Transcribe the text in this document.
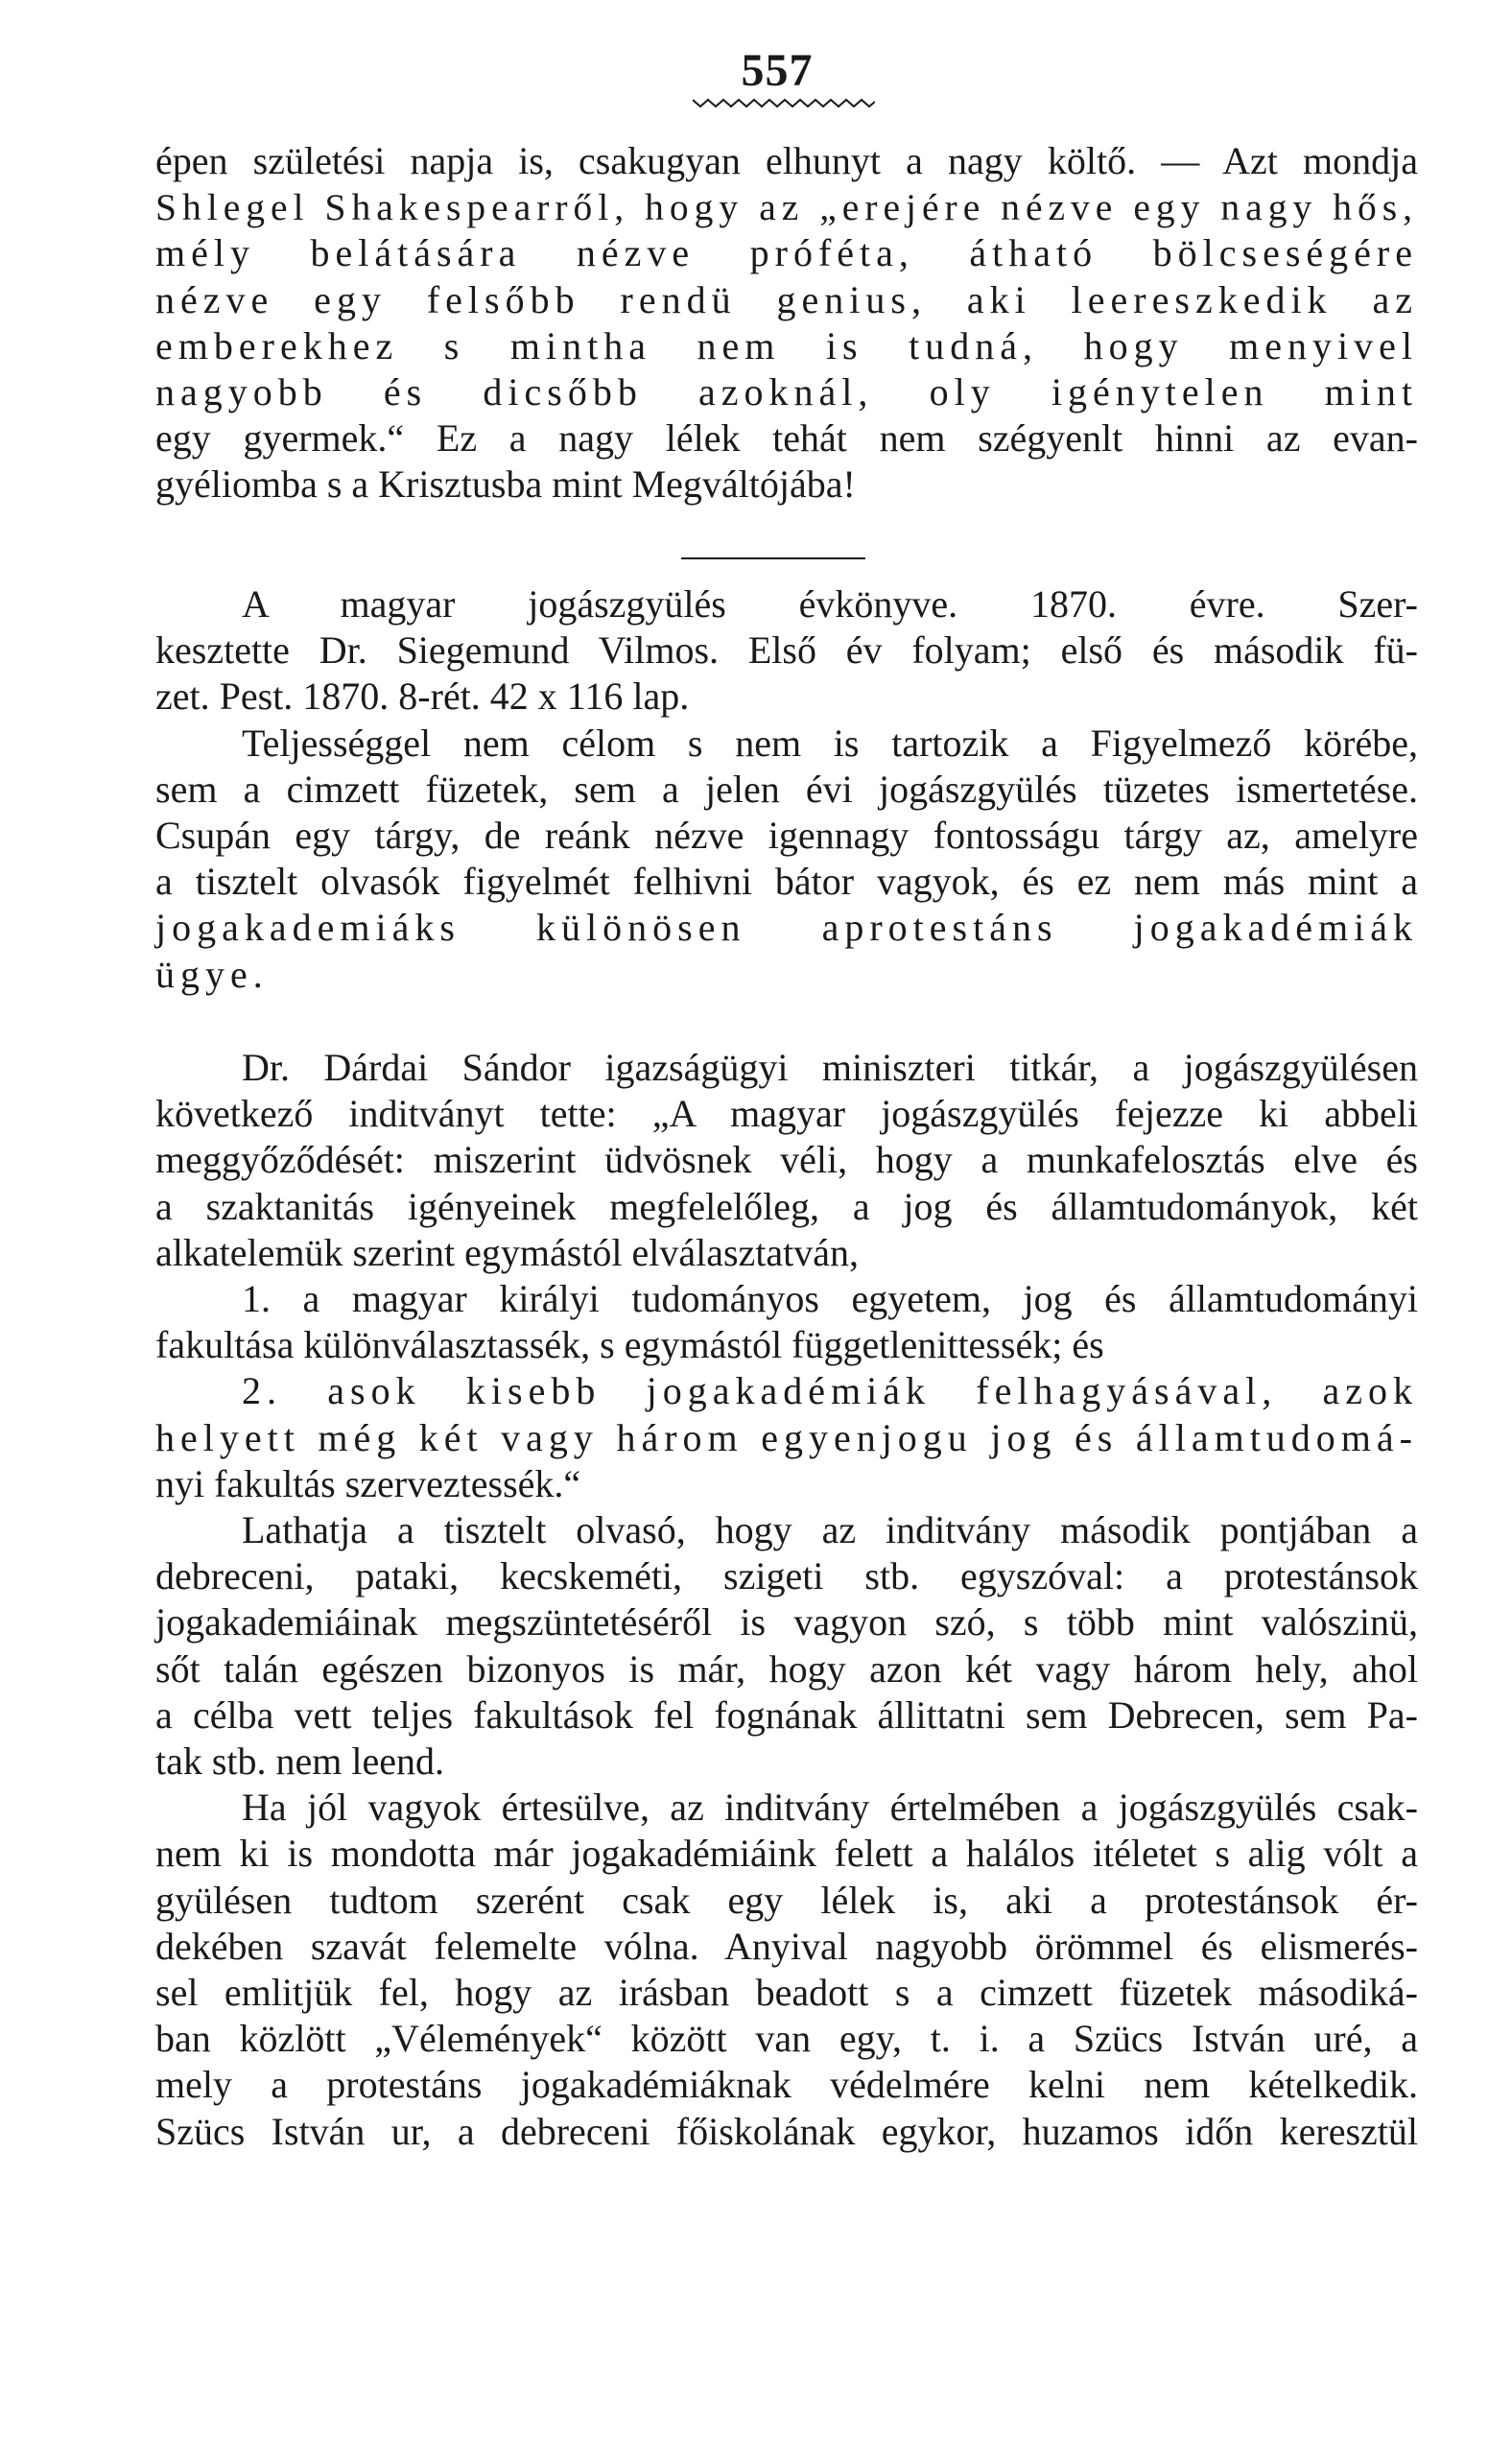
557
épen születési napja is, csakugyan elhunyt a nagy költő. — Azt mondja
Shlegel Shakespearről, hogy az „erejére nézve egy nagy hős,
mély belátására nézve próféta, átható bölcseségére
nézve egy felsőbb rendü genius, aki leereszkedik az
emberekhez s mintha nem is tudná, hogy menyivel
nagyobb és dicsőbb azoknál, oly igénytelen mint
egy gyermek.“ Ez a nagy lélek tehát nem szégyenlt hinni az evan-
gyéliomba s a Krisztusba mint Megváltójába!
A magyar jogászgyülés évkönyve. 1870. évre. Szer-
kesztette Dr. Siegemund Vilmos. Első év folyam; első és második fü-
zet. Pest. 1870. 8-rét. 42 x 116 lap.
Teljességgel nem célom s nem is tartozik a Figyelmező körébe,
sem a cimzett füzetek, sem a jelen évi jogászgyülés tüzetes ismertetése.
Csupán egy tárgy, de reánk nézve igennagy fontosságu tárgy az, amelyre
a tisztelt olvasók figyelmét felhivni bátor vagyok, és ez nem más mint a
jogakademiáks különösen aprotestáns jogakadémiák
ügye.
Dr. Dárdai Sándor igazságügyi miniszteri titkár, a jogászgyülésen
következő inditványt tette: „A magyar jogászgyülés fejezze ki abbeli
meggyőződését: miszerint üdvösnek véli, hogy a munkafelosztás elve és
a szaktanitás igényeinek megfelelőleg, a jog és államtudományok, két
alkatelemük szerint egymástól elválasztatván,
1. a magyar királyi tudományos egyetem, jog és államtudományi
fakultása különválasztassék, s egymástól függetlenittessék; és
2. asok kisebb jogakadémiák felhagyásával, azok
helyett még két vagy három egyenjogu jog és államtudomá-
nyi fakultás szerveztessék.“
Lathatja a tisztelt olvasó, hogy az inditvány második pontjában a
debreceni, pataki, kecskeméti, szigeti stb. egyszóval: a protestánsok
jogakademiáinak megszüntetéséről is vagyon szó, s több mint valószinü,
sőt talán egészen bizonyos is már, hogy azon két vagy három hely, ahol
a célba vett teljes fakultások fel fognának állittatni sem Debrecen, sem Pa-
tak stb. nem leend.
Ha jól vagyok értesülve, az inditvány értelmében a jogászgyülés csak-
nem ki is mondotta már jogakadémiáink felett a halálos itéletet s alig vólt a
gyülésen tudtom szerént csak egy lélek is, aki a protestánsok ér-
dekében szavát felemelte vólna. Anyival nagyobb örömmel és elismerés-
sel emlitjük fel, hogy az irásban beadott s a cimzett füzetek másodiká-
ban közlött „Vélemények“ között van egy, t. i. a Szücs István uré, a
mely a protestáns jogakadémiáknak védelmére kelni nem kételkedik.
Szücs István ur, a debreceni főiskolának egykor, huzamos időn keresztül
